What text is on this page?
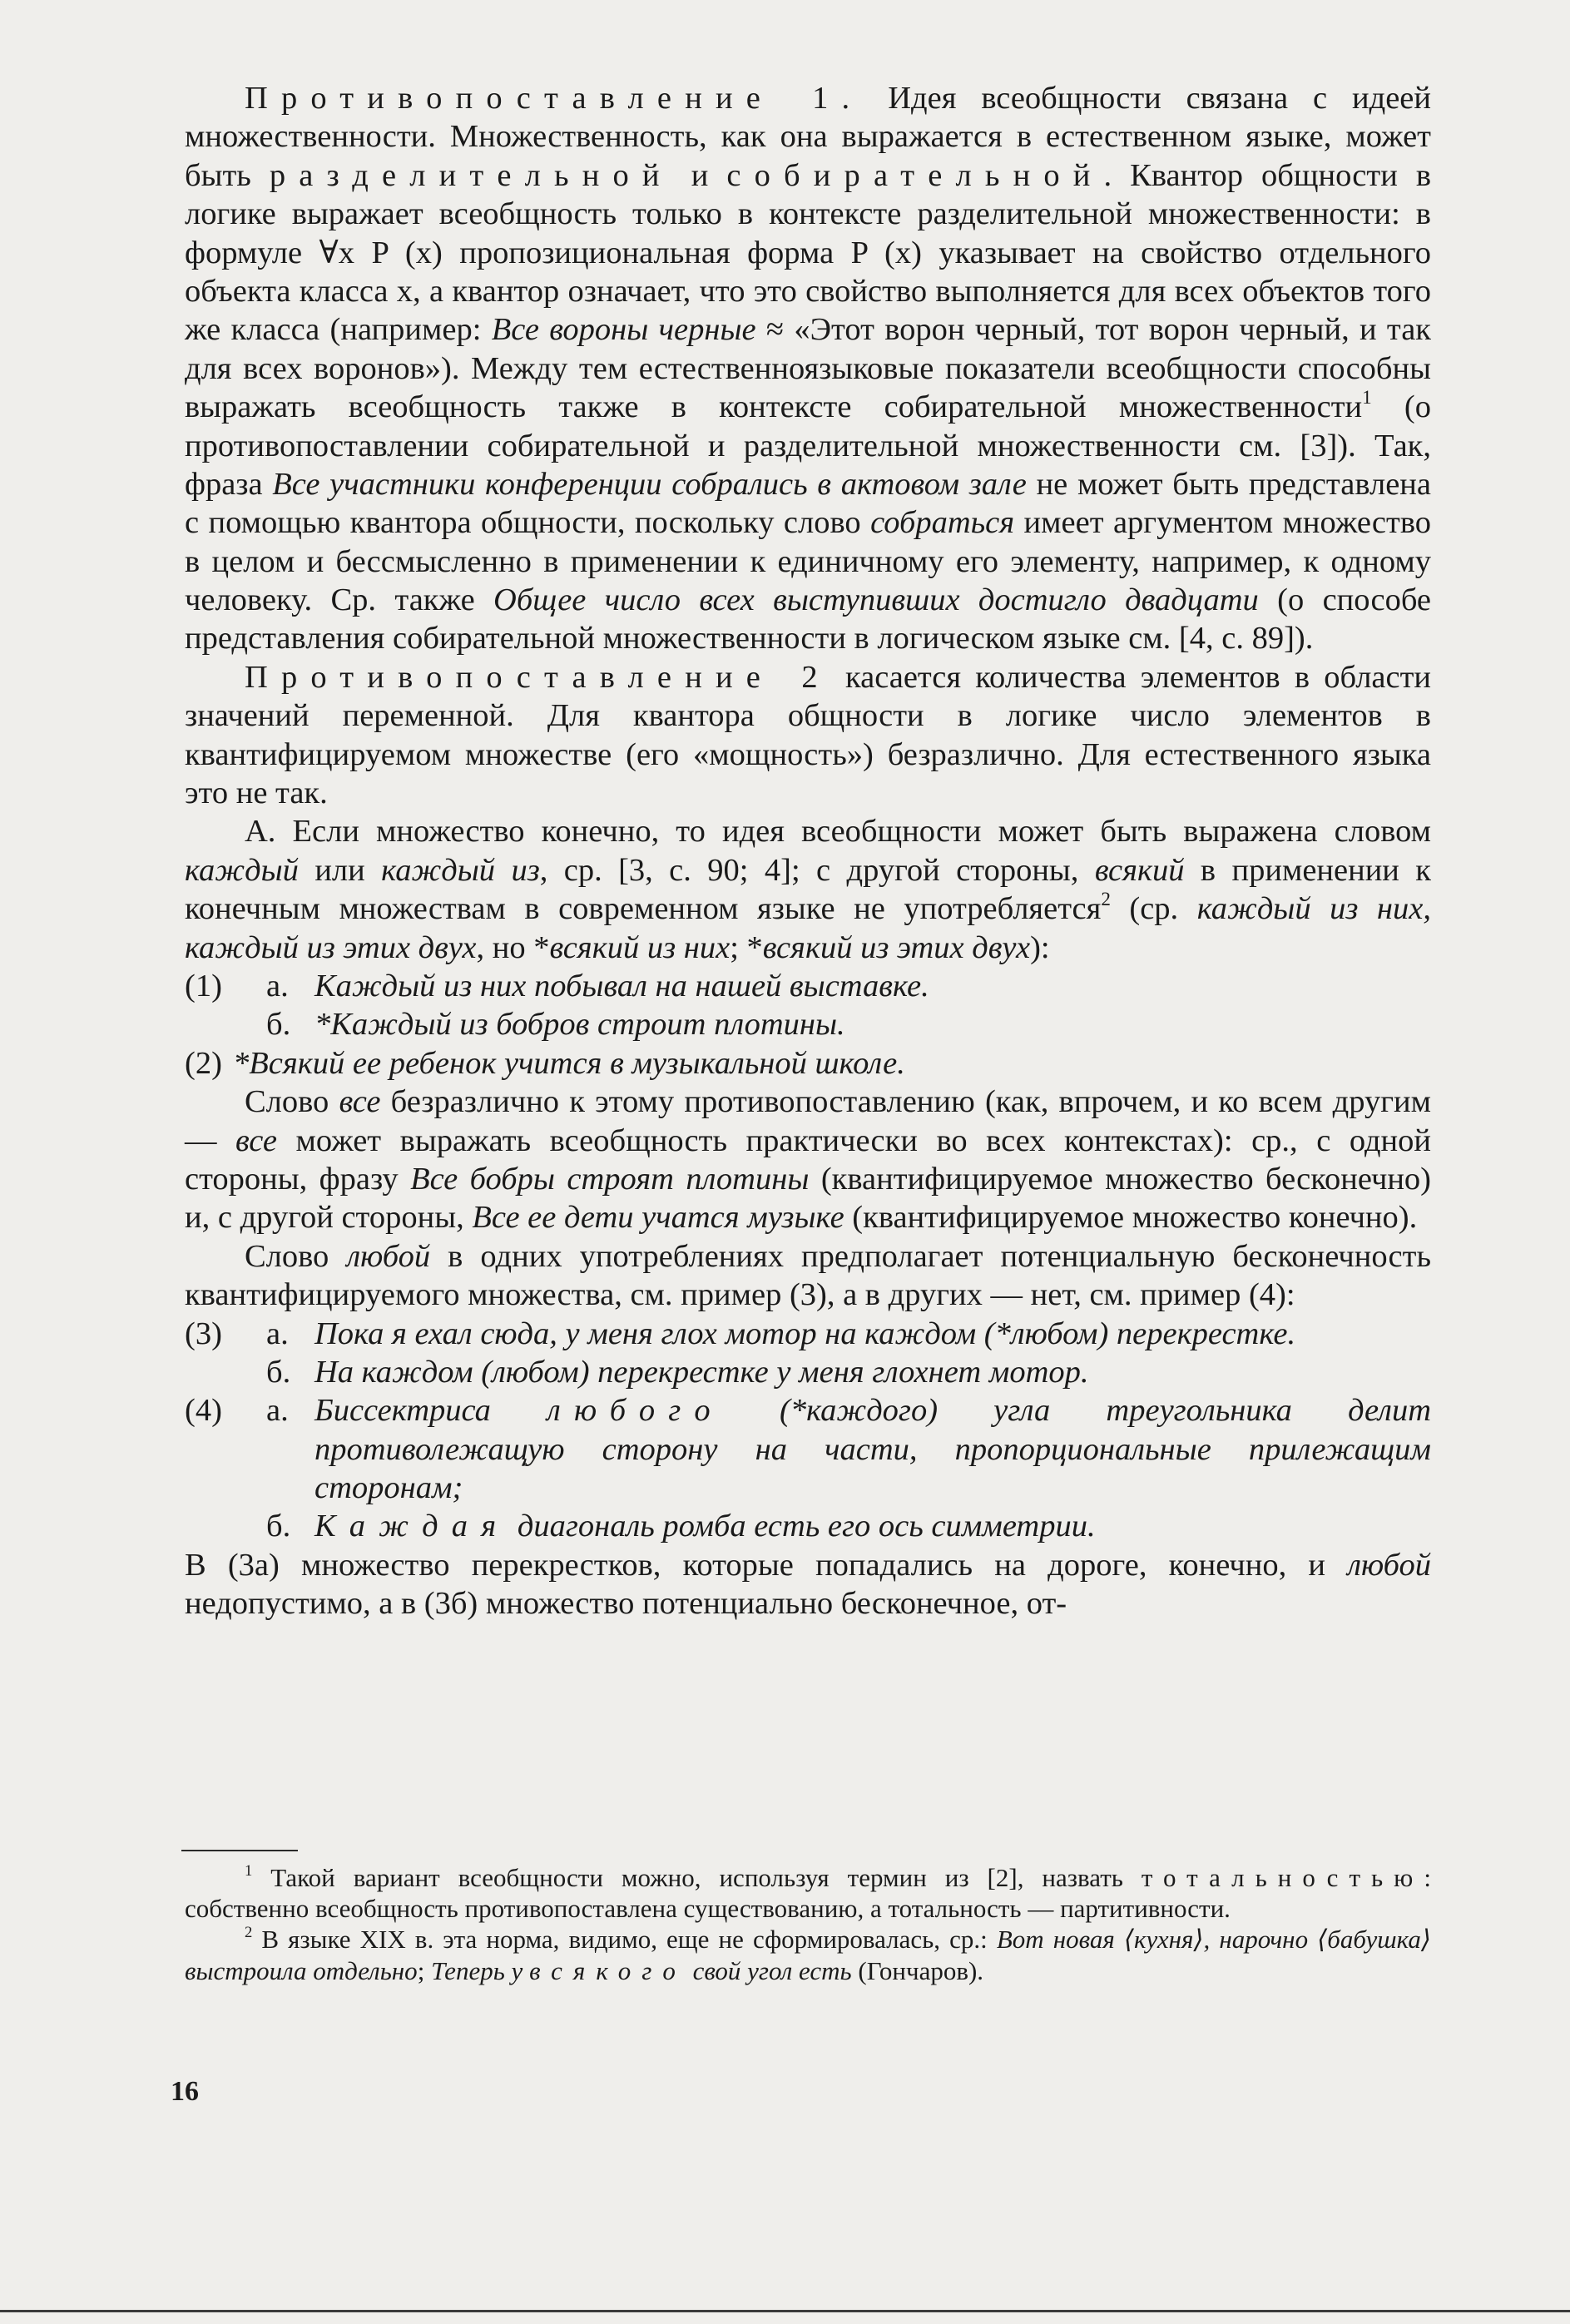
Противопоставление 1. Идея всеобщности связана с идеей множественности. Множественность, как она выражается в естественном языке, может быть разделительной и собирательной. Квантор общности в логике выражает всеобщность только в контексте разделительной множественности: в формуле ∀x P (x) пропозициональная форма P (x) указывает на свойство отдельного объекта класса x, а квантор означает, что это свойство выполняется для всех объектов того же класса (например: Все вороны черные ≈ «Этот ворон черный, тот ворон черный, и так для всех воронов»). Между тем естественноязыковые показатели всеобщности способны выражать всеобщность также в контексте собирательной множественности$^1$ (о противопоставлении собирательной и разделительной множественности см. [3]). Так, фраза Все участники конференции собрались в актовом зале не может быть представлена с помощью квантора общности, поскольку слово собраться имеет аргументом множество в целом и бессмысленно в применении к единичному его элементу, например, к одному человеку. Ср. также Общее число всех выступивших достигло двадцати (о способе представления собирательной множественности в логическом языке см. [4, с. 89]).

Противопоставление 2 касается количества элементов в области значений переменной. Для квантора общности в логике число элементов в квантифицируемом множестве (его «мощность») безразлично. Для естественного языка это не так.

А. Если множество конечно, то идея всеобщности может быть выражена словом каждый или каждый из, ср. [3, с. 90; 4]; с другой стороны, всякий в применении к конечным множествам в современном языке не употребляется$^2$ (ср. каждый из них, каждый из этих двух, но *всякий из них; *всякий из этих двух):

(1)	а. Каждый из них побывал на нашей выставке.
б. *Каждый из бобров строит плотины.
(2) *Всякий ее ребенок учится в музыкальной школе.

Слово все безразлично к этому противопоставлению (как, впрочем, и ко всем другим — все может выражать всеобщность практически во всех контекстах): ср., с одной стороны, фразу Все бобры строят плотины (квантифицируемое множество бесконечно) и, с другой стороны, Все ее дети учатся музыке (квантифицируемое множество конечно).

Слово любой в одних употреблениях предполагает потенциальную бесконечность квантифицируемого множества, см. пример (3), а в других — нет, см. пример (4):

(3)	а. Пока я ехал сюда, у меня глох мотор на каждом (*любом) перекрестке.
б. На каждом (любом) перекрестке у меня глохнет мотор.
(4)	а. Биссектриса любого (*каждого) угла треугольника делит противолежащую сторону на части, пропорциональные прилежащим сторонам;
б. Каждая диагональ ромба есть его ось симметрии.

В (3а) множество перекрестков, которые попадались на дороге, конечно, и любой недопустимо, а в (3б) множество потенциально бесконечное, от-

$^1$ Такой вариант всеобщности можно, используя термин из [2], назвать тотальностью: собственно всеобщность противопоставлена существованию, а тотальность — партитивности.

$^2$ В языке XIX в. эта норма, видимо, еще не сформировалась, ср.: Вот новая ⟨кухня⟩, нарочно ⟨бабушка⟩ выстроила отдельно; Теперь у всякого свой угол есть (Гончаров).

16
